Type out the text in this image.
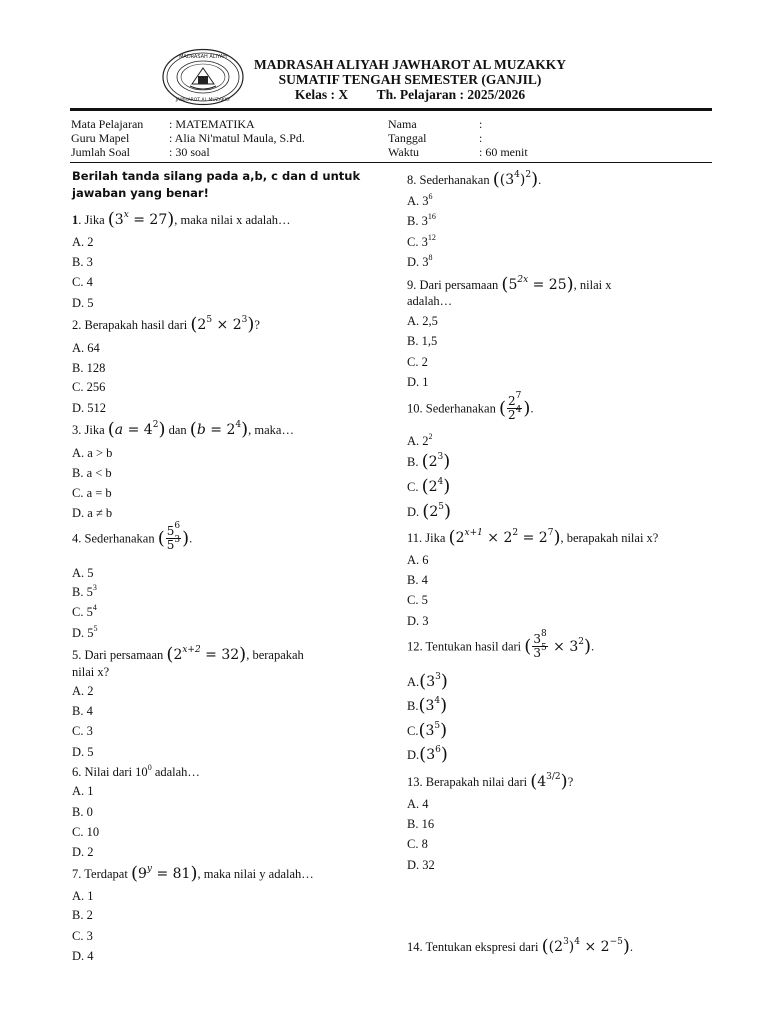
MADRASAH ALIYAH
JAWHAROT AL MUZAKKY
MADRASAH ALIYAH JAWHAROT AL MUZAKKY
SUMATIF TENGAH SEMESTER (GANJIL)
Kelas : X Th. Pelajaran : 2025/2026
Mata Pelajaran	: MATEMATIKA
Guru Mapel	: Alia Ni'matul Maula, S.Pd.
Jumlah Soal	: 30 soal
Nama	:
Tanggal	:
Waktu	: 60 menit
Berilah tanda silang pada a,b, c dan d untuk jawaban yang benar!
1. Jika $(3^x = 27)$, maka nilai x adalah…
A. 2
B. 3
C. 4
D. 5
2. Berapakah hasil dari $(2^5 \times 2^3)$?
A. 64
B. 128
C. 256
D. 512
3. Jika $(a = 4^2)$ dan $(b = 2^4)$, maka…
A. a > b
B. a < b
C. a = b
D. a ≠ b
4. Sederhanakan ( $\frac{5^6}{5^3}$ ).
A. 5
B. $5^3$
C. $5^4$
D. $5^5$
5. Dari persamaan $(2^{x+2} = 32)$, berapakah
nilai x?
A. 2
B. 4
C. 3
D. 5
6. Nilai dari $10^0$ adalah…
A. 1
B. 0
C. 10
D. 2
7. Terdapat $(9^y = 81)$, maka nilai y adalah…
A. 1
B. 2
C. 3
D. 4
8. Sederhanakan $((3^4)^2)$.
A. $3^6$
B. $3^{16}$
C. $3^{12}$
D. $3^8$
9. Dari persamaan $(5^{2x} = 25)$, nilai x
adalah…
A. 2,5
B. 1,5
C. 2
D. 1
10. Sederhanakan ( $\frac{2^7}{2^4}$ ).
A. $2^2$
B. $(2^3)$
C. $(2^4)$
D. $(2^5)$
11. Jika $(2^{x+1} \times 2^2 = 2^7)$, berapakah nilai x?
A. 6
B. 4
C. 5
D. 3
12. Tentukan hasil dari ( $\frac{3^8}{3^5} \times 3^2$).
$A.(3^3)$
$B.(3^4)$
$C.(3^5)$
$D.(3^6)$
13. Berapakah nilai dari $(4^{3/2})$?
A. 4
B. 16
C. 8
D. 32
14. Tentukan ekspresi dari $((2^3)^4 \times 2^{-5})$.
